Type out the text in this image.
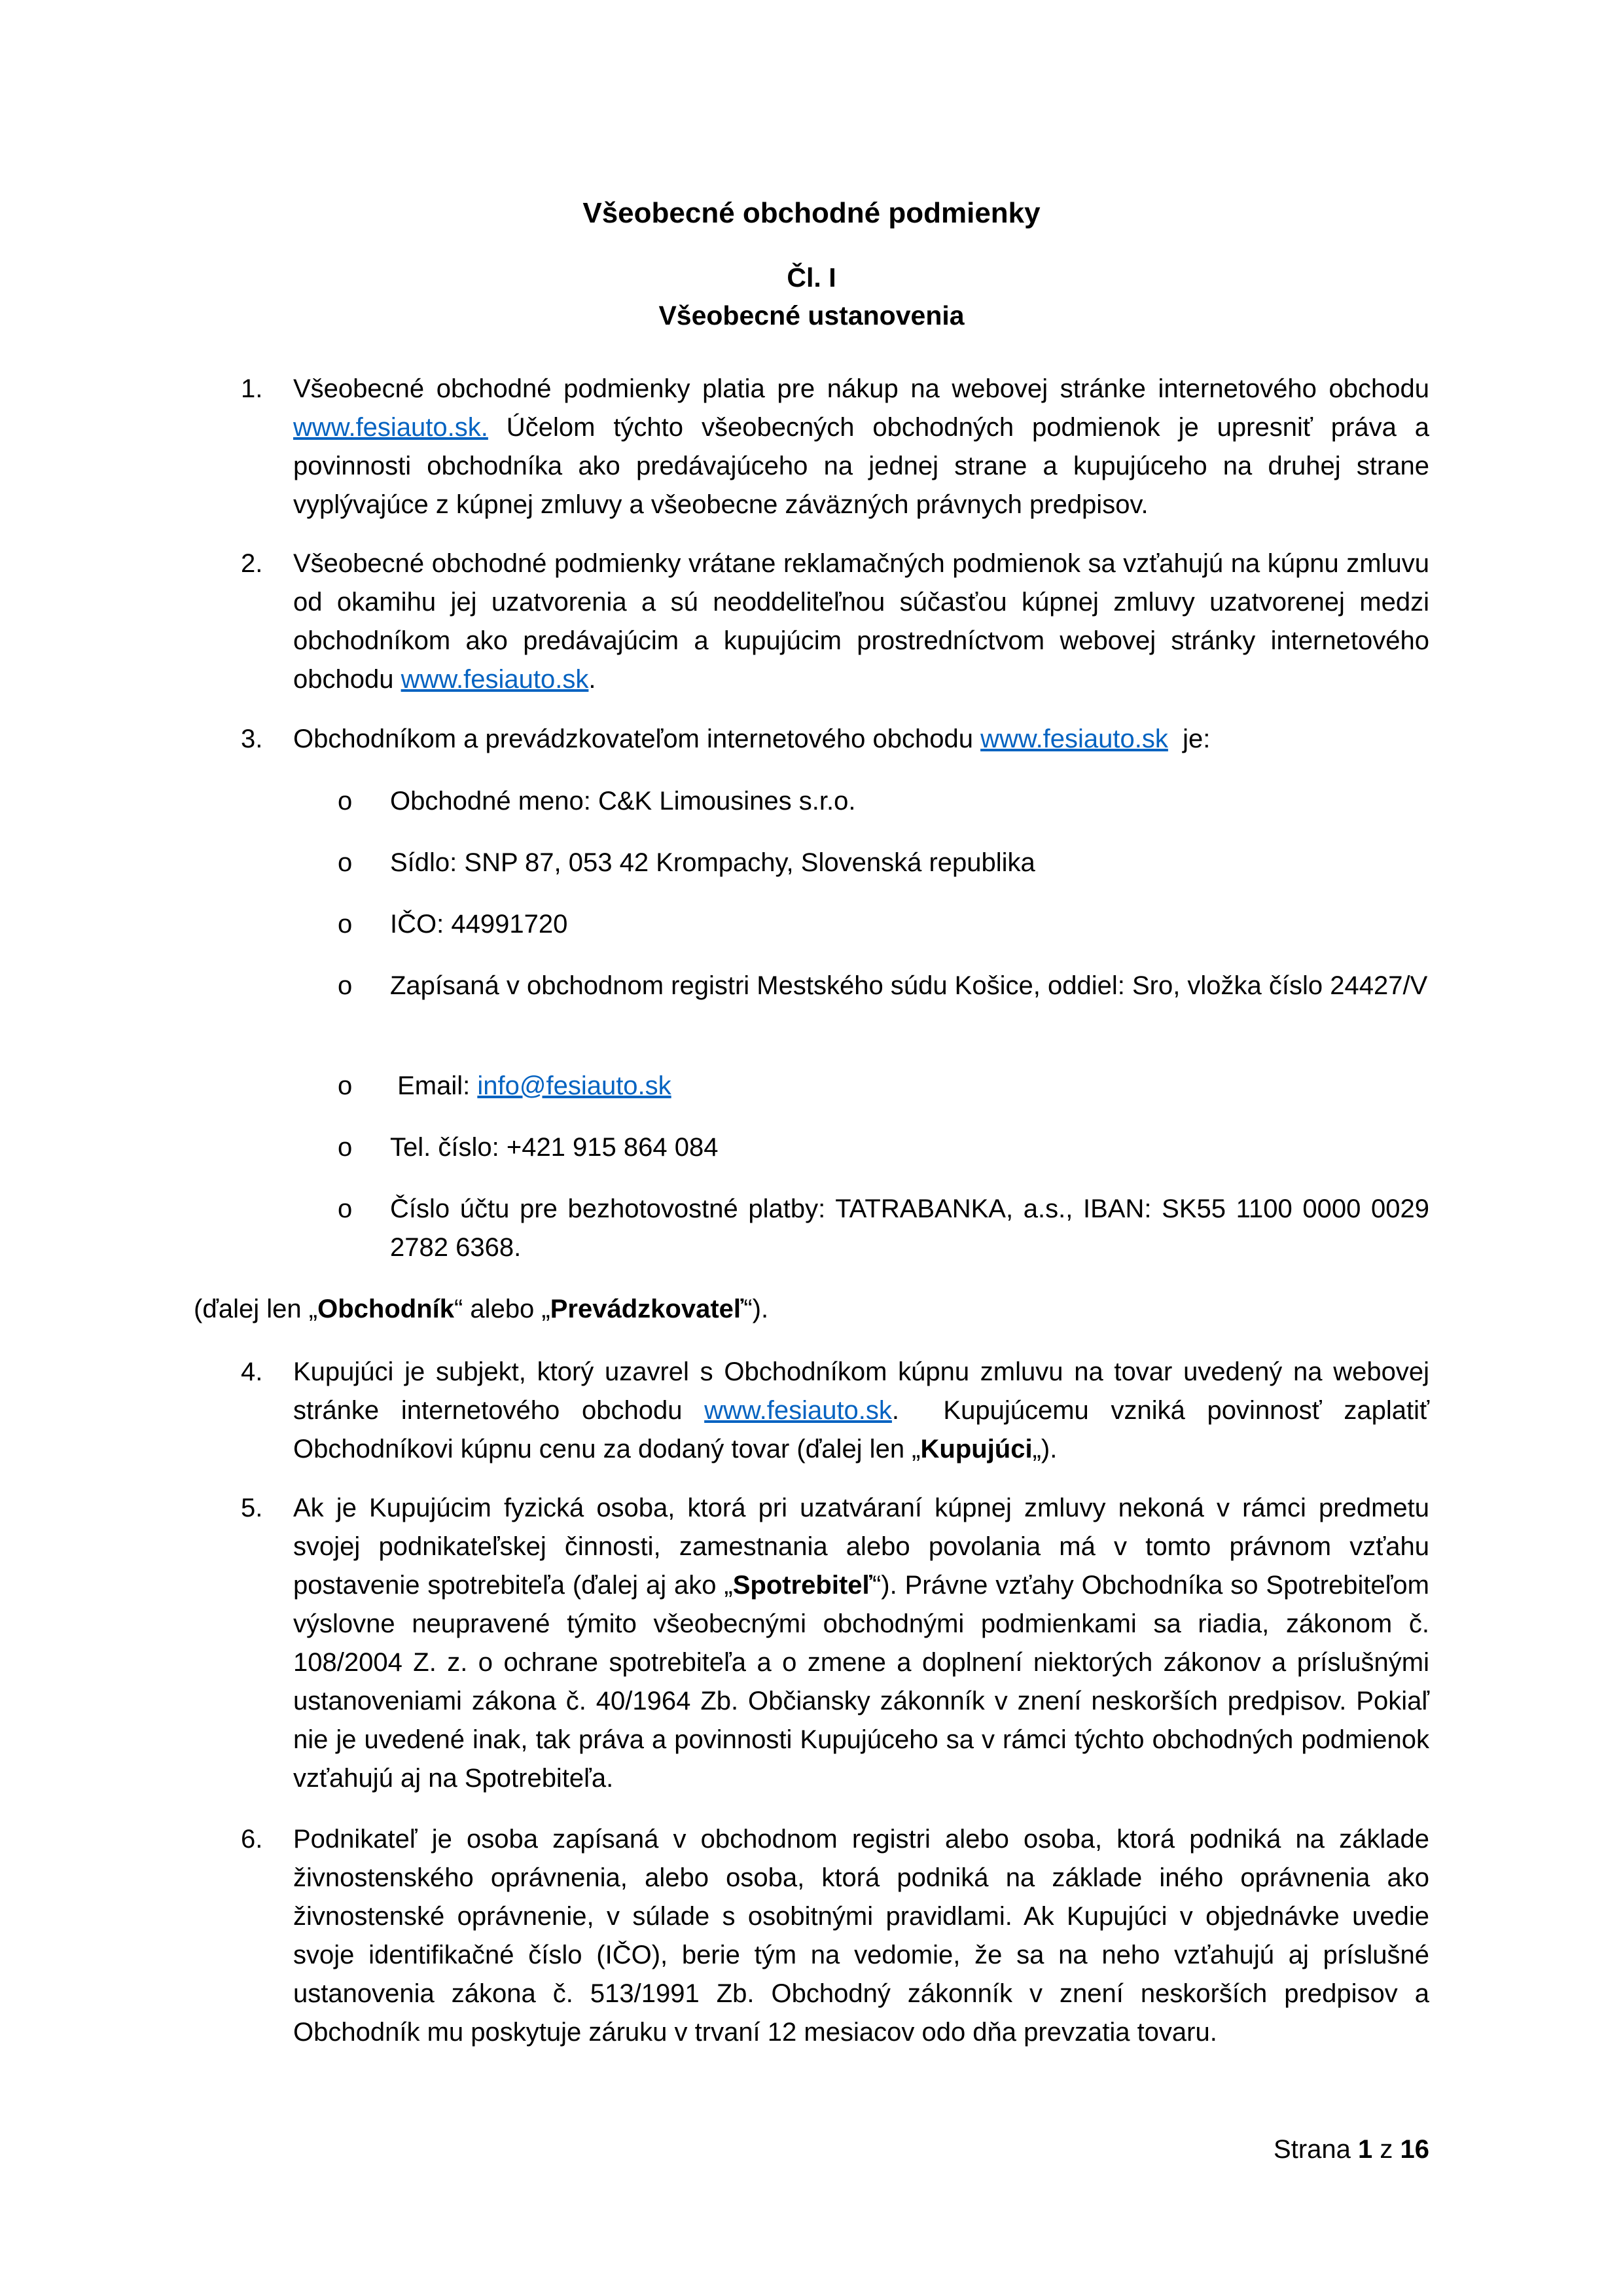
Všeobecné obchodné podmienky
Čl. I
Všeobecné ustanovenia
1.	Všeobecné obchodné podmienky platia pre nákup na webovej stránke internetového obchodu www.fesiauto.sk. Účelom týchto všeobecných obchodných podmienok je upresniť práva a povinnosti obchodníka ako predávajúceho na jednej strane a kupujúceho na druhej strane vyplývajúce z kúpnej zmluvy a všeobecne záväzných právnych predpisov.
2.	Všeobecné obchodné podmienky vrátane reklamačných podmienok sa vzťahujú na kúpnu zmluvu od okamihu jej uzatvorenia a sú neoddeliteľnou súčasťou kúpnej zmluvy uzatvorenej medzi obchodníkom ako predávajúcim a kupujúcim prostredníctvom webovej stránky internetového obchodu www.fesiauto.sk.
3.	Obchodníkom a prevádzkovateľom internetového obchodu www.fesiauto.sk  je:
o	Obchodné meno: C&K Limousines s.r.o.
o	Sídlo: SNP 87, 053 42 Krompachy, Slovenská republika
o	IČO: 44991720
o	Zapísaná v obchodnom registri Mestského súdu Košice, oddiel: Sro, vložka číslo 24427/V
o	Email: info@fesiauto.sk
o	Tel. číslo: +421 915 864 084
o	Číslo účtu pre bezhotovostné platby: TATRABANKA, a.s., IBAN: SK55 1100 0000 0029 2782 6368.
(ďalej len „Obchodník“ alebo „Prevádzkovateľ“).
4.	Kupujúci je subjekt, ktorý uzavrel s Obchodníkom kúpnu zmluvu na tovar uvedený na webovej stránke internetového obchodu www.fesiauto.sk.  Kupujúcemu vzniká povinnosť zaplatiť Obchodníkovi kúpnu cenu za dodaný tovar (ďalej len „Kupujúci„).
5.	Ak je Kupujúcim fyzická osoba, ktorá pri uzatváraní kúpnej zmluvy nekoná v rámci predmetu svojej podnikateľskej činnosti, zamestnania alebo povolania má v tomto právnom vzťahu postavenie spotrebiteľa (ďalej aj ako „Spotrebiteľ“). Právne vzťahy Obchodníka so Spotrebiteľom výslovne neupravené týmito všeobecnými obchodnými podmienkami sa riadia, zákonom č. 108/2004 Z. z. o ochrane spotrebiteľa a o zmene a doplnení niektorých zákonov a príslušnými ustanoveniami zákona č. 40/1964 Zb. Občiansky zákonník v znení neskorších predpisov. Pokiaľ nie je uvedené inak, tak práva a povinnosti Kupujúceho sa v rámci týchto obchodných podmienok vzťahujú aj na Spotrebiteľa.
6.	Podnikateľ je osoba zapísaná v obchodnom registri alebo osoba, ktorá podniká na základe živnostenského oprávnenia, alebo osoba, ktorá podniká na základe iného oprávnenia ako živnostenské oprávnenie, v súlade s osobitnými pravidlami. Ak Kupujúci v objednávke uvedie svoje identifikačné číslo (IČO), berie tým na vedomie, že sa na neho vzťahujú aj príslušné ustanovenia zákona č. 513/1991 Zb. Obchodný zákonník v znení neskorších predpisov a Obchodník mu poskytuje záruku v trvaní 12 mesiacov odo dňa prevzatia tovaru.
Strana 1 z 16
